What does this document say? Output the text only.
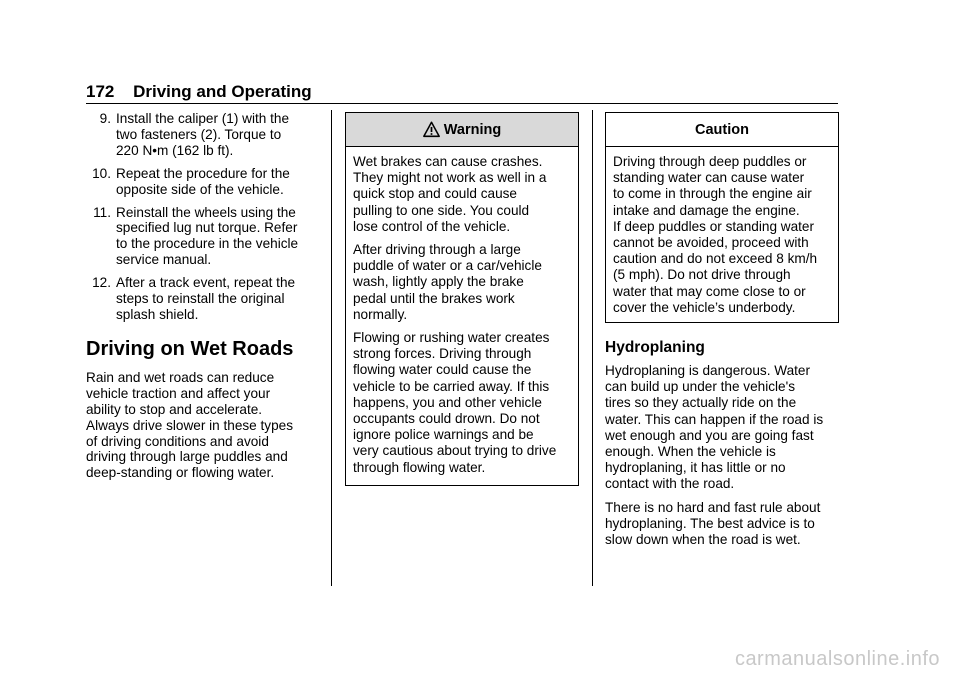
172 Driving and Operating
9. Install the caliper (1) with the
two fasteners (2). Torque to
220 N•m (162 lb ft).
10. Repeat the procedure for the
opposite side of the vehicle.
11. Reinstall the wheels using the
specified lug nut torque. Refer
to the procedure in the vehicle
service manual.
12. After a track event, repeat the
steps to reinstall the original
splash shield.
Driving on Wet Roads
Rain and wet roads can reduce
vehicle traction and affect your
ability to stop and accelerate.
Always drive slower in these types
of driving conditions and avoid
driving through large puddles and
deep-standing or flowing water.
Warning

Wet brakes can cause crashes.
They might not work as well in a
quick stop and could cause
pulling to one side. You could
lose control of the vehicle.

After driving through a large
puddle of water or a car/vehicle
wash, lightly apply the brake
pedal until the brakes work
normally.

Flowing or rushing water creates
strong forces. Driving through
flowing water could cause the
vehicle to be carried away. If this
happens, you and other vehicle
occupants could drown. Do not
ignore police warnings and be
very cautious about trying to drive
through flowing water.

Caution

Driving through deep puddles or
standing water can cause water
to come in through the engine air
intake and damage the engine.
If deep puddles or standing water
cannot be avoided, proceed with
caution and do not exceed 8 km/h
(5 mph). Do not drive through
water that may come close to or
cover the vehicle’s underbody.

Hydroplaning

Hydroplaning is dangerous. Water
can build up under the vehicle's
tires so they actually ride on the
water. This can happen if the road is
wet enough and you are going fast
enough. When the vehicle is
hydroplaning, it has little or no
contact with the road.

There is no hard and fast rule about
hydroplaning. The best advice is to
slow down when the road is wet.

carmanualsonline.info
